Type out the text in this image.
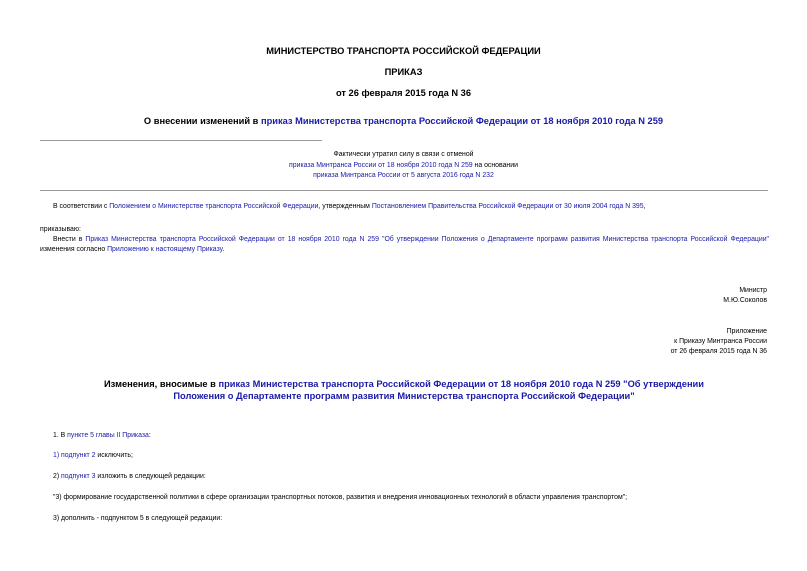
МИНИСТЕРСТВО ТРАНСПОРТА РОССИЙСКОЙ ФЕДЕРАЦИИ
ПРИКАЗ
от 26 февраля 2015 года N 36
О внесении изменений в приказ Министерства транспорта Российской Федерации от 18 ноября 2010 года N 259
Фактически утратил силу в связи с отменой
приказа Минтранса России от 18 ноября 2010 года N 259 на основании
приказа Минтранса России от 5 августа 2016 года N 232
В соответствии с Положением о Министерстве транспорта Российской Федерации, утвержденным Постановлением Правительства Российской Федерации от 30 июля 2004 года N 395,
приказываю:
Внести в Приказ Министерства транспорта Российской Федерации от 18 ноября 2010 года N 259 "Об утверждении Положения о Департаменте программ развития Министерства транспорта Российской Федерации" изменения согласно Приложению к настоящему Приказу.
Министр
М.Ю.Соколов
Приложение
к Приказу Минтранса России
от 26 февраля 2015 года N 36
Изменения, вносимые в приказ Министерства транспорта Российской Федерации от 18 ноября 2010 года N 259 "Об утверждении Положения о Департаменте программ развития Министерства транспорта Российской Федерации"
1. В пункте 5 главы II Приказа:
1) подпункт 2 исключить;
2) подпункт 3 изложить в следующей редакции:
"3) формирование государственной политики в сфере организации транспортных потоков, развития и внедрения инновационных технологий в области управления транспортом";
3) дополнить - подпунктом 5 в следующей редакции:
